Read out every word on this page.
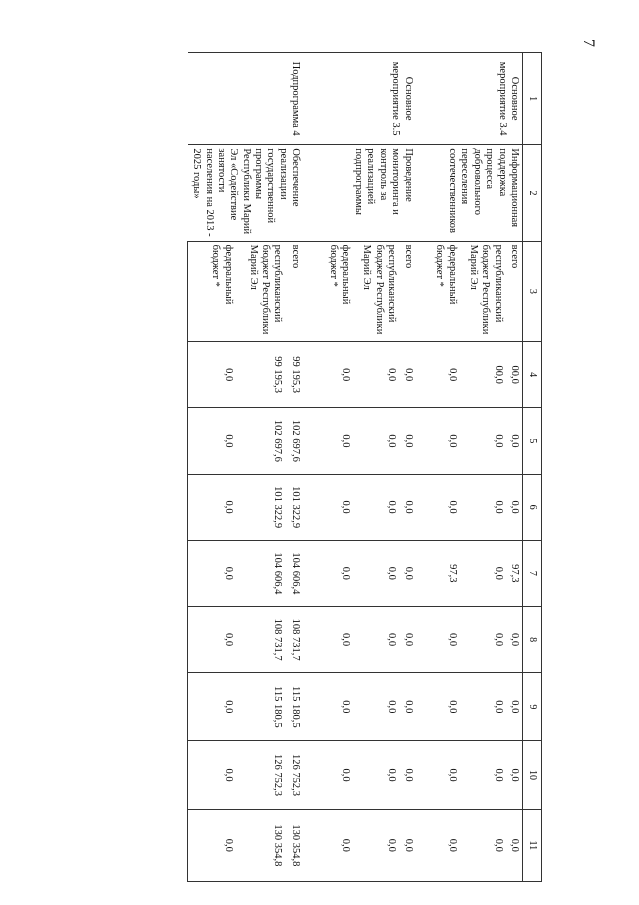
7
1	2	3	4	5	6	7	8	9	10	11
Основное мероприятие 3.4	Информационная поддержка процесса добровольного переселения соотечественников	всего	00,0	0,0	0,0	97,3	0,0	0,0	0,0	0,0
		республиканский бюджет Республики Марий Эл	00,0	0,0	0,0	0,0	0,0	0,0	0,0	0,0
		федеральный бюджет *	0,0	0,0	0,0	97,3	0,0	0,0	0,0	0,0
Основное мероприятие 3.5	Проведение мониторинга и контроль за реализацией подпрограммы	всего	0,0	0,0	0,0	0,0	0,0	0,0	0,0	0,0
		республиканский бюджет Республики Марий Эл	0,0	0,0	0,0	0,0	0,0	0,0	0,0	0,0
		федеральный бюджет *	0,0	0,0	0,0	0,0	0,0	0,0	0,0	0,0
Подпрограмма 4	Обеспечение реализации государственной программы Республики Марий Эл «Содействие занятости населения на 2013 - 2025 годы»	всего	99 195,3	102 697,6	101 322,9	104 606,4	108 731,7	115 180,5	126 752,3	130 354,8
		республиканский бюджет Республики Марий Эл	99 195,3	102 697,6	101 322,9	104 606,4	108 731,7	115 180,5	126 752,3	130 354,8
		федеральный бюджет *	0,0	0,0	0,0	0,0	0,0	0,0	0,0	0,0
